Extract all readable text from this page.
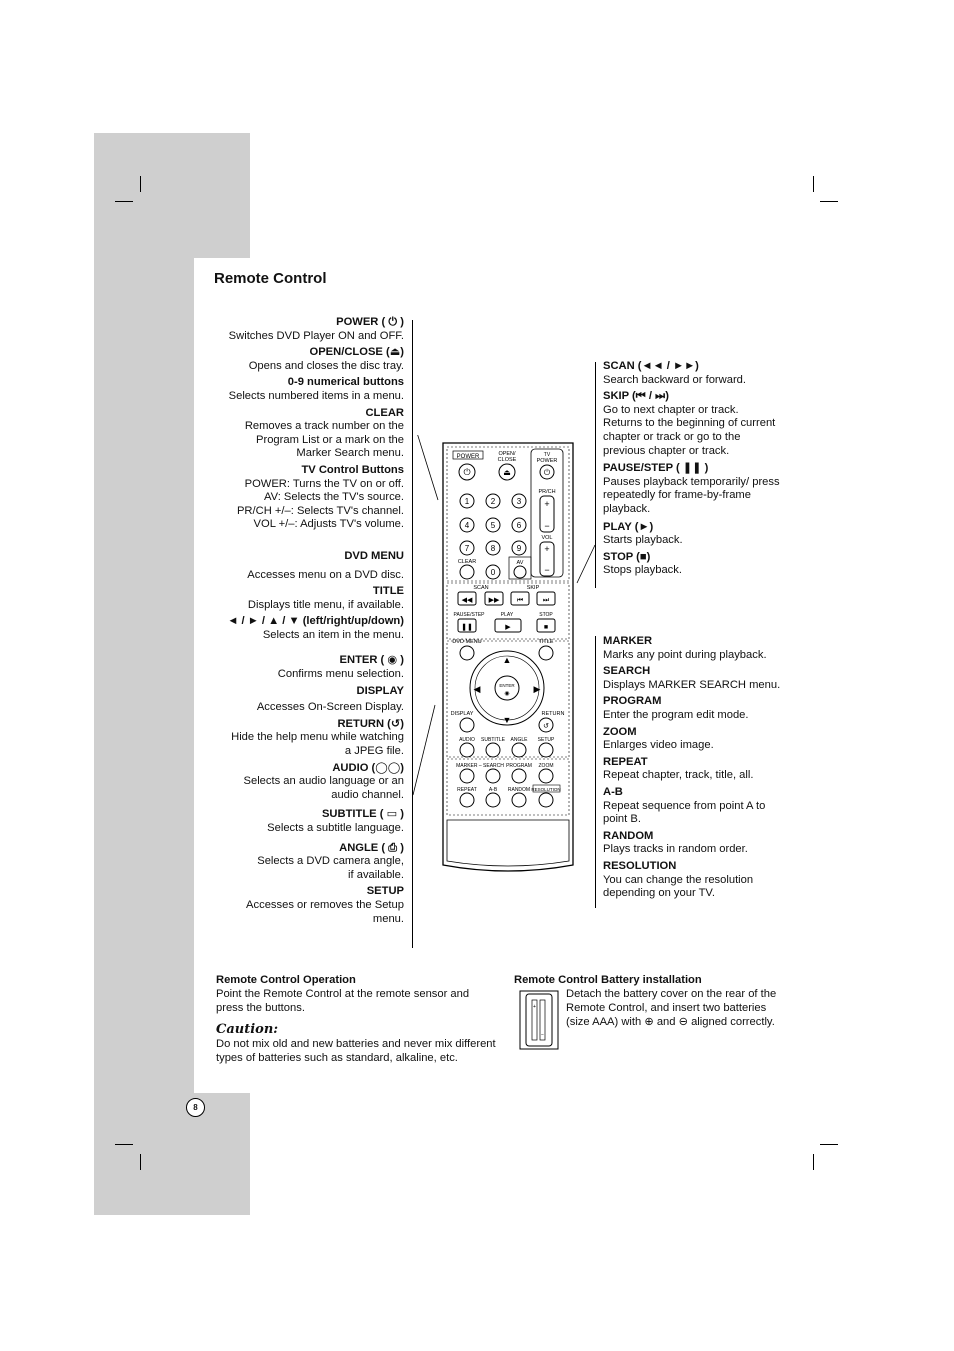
Remote Control
POWER ( ⏻ )
Switches DVD Player ON and OFF.
OPEN/CLOSE (⏏)
Opens and closes the disc tray.
0-9 numerical buttons
Selects numbered items in a menu.
CLEAR
Removes a track number on the
Program List or a mark on the
Marker Search menu.
TV Control Buttons
POWER: Turns the TV on or off.
AV: Selects the TV's source.
PR/CH +/–: Selects TV's channel.
VOL +/–: Adjusts TV's volume.
DVD MENU
Accesses menu on a DVD disc.
TITLE
Displays title menu, if available.
◄ / ► / ▲ / ▼ (left/right/up/down)
Selects an item in the menu.
ENTER ( ◉ )
Confirms menu selection.
DISPLAY
Accesses On-Screen Display.
RETURN (↺)
Hide the help menu while watching
a JPEG file.
AUDIO (◯◯)
Selects an audio language or an
audio channel.
SUBTITLE ( ▭ )
Selects a subtitle language.
ANGLE ( ⎙ )
Selects a DVD camera angle,
if available.
SETUP
Accesses or removes the Setup
menu.
SCAN (◄◄ / ►►)
Search backward or forward.
SKIP (⏮ / ⏭)
Go to next chapter or track.
Returns to the beginning of current
chapter or track or go to the
previous chapter or track.
PAUSE/STEP ( ❚❚ )
Pauses playback temporarily/ press
repeatedly for frame-by-frame
playback.
PLAY (►)
Starts playback.
STOP (■)
Stops playback.
MARKER
Marks any point during playback.
SEARCH
Displays MARKER SEARCH menu.
PROGRAM
Enter the program edit mode.
ZOOM
Enlarges video image.
REPEAT
Repeat chapter, track, title, all.
A-B
Repeat sequence from point A to
point B.
RANDOM
Plays tracks in random order.
RESOLUTION
You can change the resolution
depending on your TV.
POWER
⏻
OPEN/
CLOSE
⏏
TV
POWER
⏻
PR/CH
+
−
VOL
+
−
1	2	3
4	5	6
7	8	9
0
CLEAR	AV
SCAN	SKIP
◀◀ ▶▶ ⏮	⏭
PAUSE/STEP	PLAY	STOP
❚❚	▶	■
DVD MENU	TITLE
▲
▼
◀	▶
ENTER
◉
DISPLAY	RETURN
↺
AUDIO SUBTITLE ANGLE SETUP
MARKER – SEARCH PROGRAM ZOOM
REPEAT A-B RANDOM RESOLUTION
Remote Control Operation
Point the Remote Control at the remote sensor and press the buttons.
Caution:
Do not mix old and new batteries and never mix different types of batteries such as standard, alkaline, etc.
Remote Control Battery installation
+
−
Detach the battery cover on the rear of the Remote Control, and insert two batteries (size AAA) with ⊕ and ⊖ aligned correctly.
8
